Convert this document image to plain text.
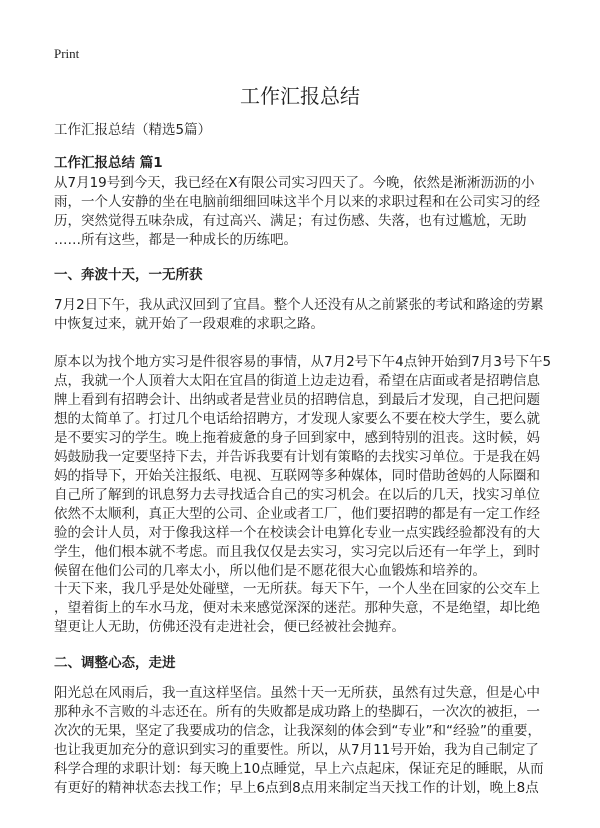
Print
工作汇报总结
工作汇报总结（精选5篇）
工作汇报总结 篇1
从7月19号到今天，我已经在X有限公司实习四天了。今晚，依然是淅淅沥沥的小
雨，一个人安静的坐在电脑前细细回味这半个月以来的求职过程和在公司实习的经
历，突然觉得五味杂成，有过高兴、满足；有过伤感、失落，也有过尴尬，无助
……所有这些，都是一种成长的历练吧。
一、奔波十天，一无所获
7月2日下午，我从武汉回到了宜昌。整个人还没有从之前紧张的考试和路途的劳累
中恢复过来，就开始了一段艰难的求职之路。
原本以为找个地方实习是件很容易的事情，从7月2号下午4点钟开始到7月3号下午5
点，我就一个人顶着大太阳在宜昌的街道上边走边看，希望在店面或者是招聘信息
牌上看到有招聘会计、出纳或者是营业员的招聘信息，到最后才发现，自己把问题
想的太简单了。打过几个电话给招聘方，才发现人家要么不要在校大学生，要么就
是不要实习的学生。晚上拖着疲惫的身子回到家中，感到特别的沮丧。这时候，妈
妈鼓励我一定要坚持下去，并告诉我要有计划有策略的去找实习单位。于是我在妈
妈的指导下，开始关注报纸、电视、互联网等多种媒体，同时借助爸妈的人际圈和
自己所了解到的讯息努力去寻找适合自己的实习机会。在以后的几天，找实习单位
依然不太顺利，真正大型的公司、企业或者工厂，他们要招聘的都是有一定工作经
验的会计人员，对于像我这样一个在校读会计电算化专业一点实践经验都没有的大
学生，他们根本就不考虑。而且我仅仅是去实习，实习完以后还有一年学上，到时
候留在他们公司的几率太小，所以他们是不愿花很大心血锻炼和培养的。
十天下来，我几乎是处处碰壁，一无所获。每天下午，一个人坐在回家的公交车上
，望着街上的车水马龙，便对未来感觉深深的迷茫。那种失意，不是绝望，却比绝
望更让人无助，仿佛还没有走进社会，便已经被社会抛弃。
二、调整心态，走进
阳光总在风雨后，我一直这样坚信。虽然十天一无所获，虽然有过失意，但是心中
那种永不言败的斗志还在。所有的失败都是成功路上的垫脚石，一次次的被拒，一
次次的无果，坚定了我要成功的信念，让我深刻的体会到“专业”和“经验”的重要，
也让我更加充分的意识到实习的重要性。所以，从7月11号开始，我为自己制定了
科学合理的求职计划：每天晚上10点睡觉，早上六点起床，保证充足的睡眠，从而
有更好的精神状态去找工作；早上6点到8点用来制定当天找工作的计划，晚上8点
